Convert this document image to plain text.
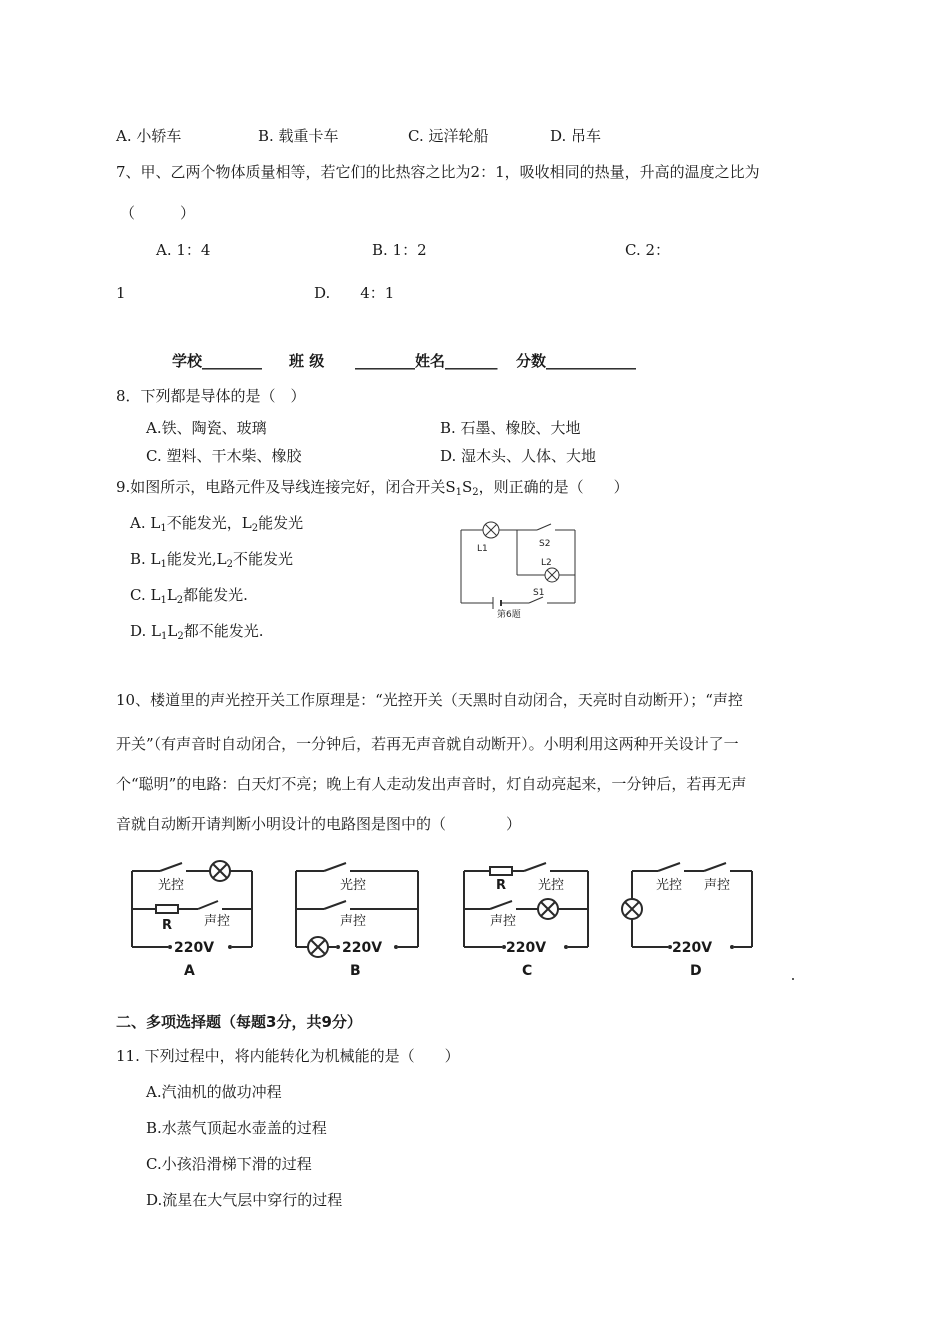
A. 小轿车	B. 载重卡车	C. 远洋轮船	D. 吊车
7、甲、乙两个物体质量相等，若它们的比热容之比为2：1，吸收相同的热量，升高的温度之比为
（　　　）
A. 1：4	B. 1：2	C. 2：
1	D.　　4：1
学校________ 班 级 ________姓名_______ 分数____________
8．下列都是导体的是（　）
A.铁、陶瓷、玻璃	B. 石墨、橡胶、大地
C. 塑料、干木柴、橡胶	D. 湿木头、人体、大地
9.如图所示，电路元件及导线连接完好，闭合开关$S_1S_2$，则正确的是（　　）
A. $L_1$不能发光，$L_2$能发光
B. $L_1$能发光$,L_2$不能发光
C. $L_1L_2$都能发光.
D. $L_1L_2$都不能发光.
L1	S2
L2
S1
第6题
10、楼道里的声光控开关工作原理是：“光控开关（天黑时自动闭合，天亮时自动断开）；“声控
开关”（有声音时自动闭合，一分钟后，若再无声音就自动断开）。小明利用这两种开关设计了一
个“聪明”的电路：白天灯不亮；晚上有人走动发出声音时，灯自动亮起来，一分钟后，若再无声
音就自动断开请判断小明设计的电路图是图中的（　　　　）
光控
R 声控
220V
A
光控
声控
220V
B
R 光控
声控
220V
C
光控 声控
220V
D
二、多项选择题（每题3分，共9分）
11. 下列过程中，将内能转化为机械能的是（　　）
A.汽油机的做功冲程
B.水蒸气顶起水壶盖的过程
C.小孩沿滑梯下滑的过程
D.流星在大气层中穿行的过程
